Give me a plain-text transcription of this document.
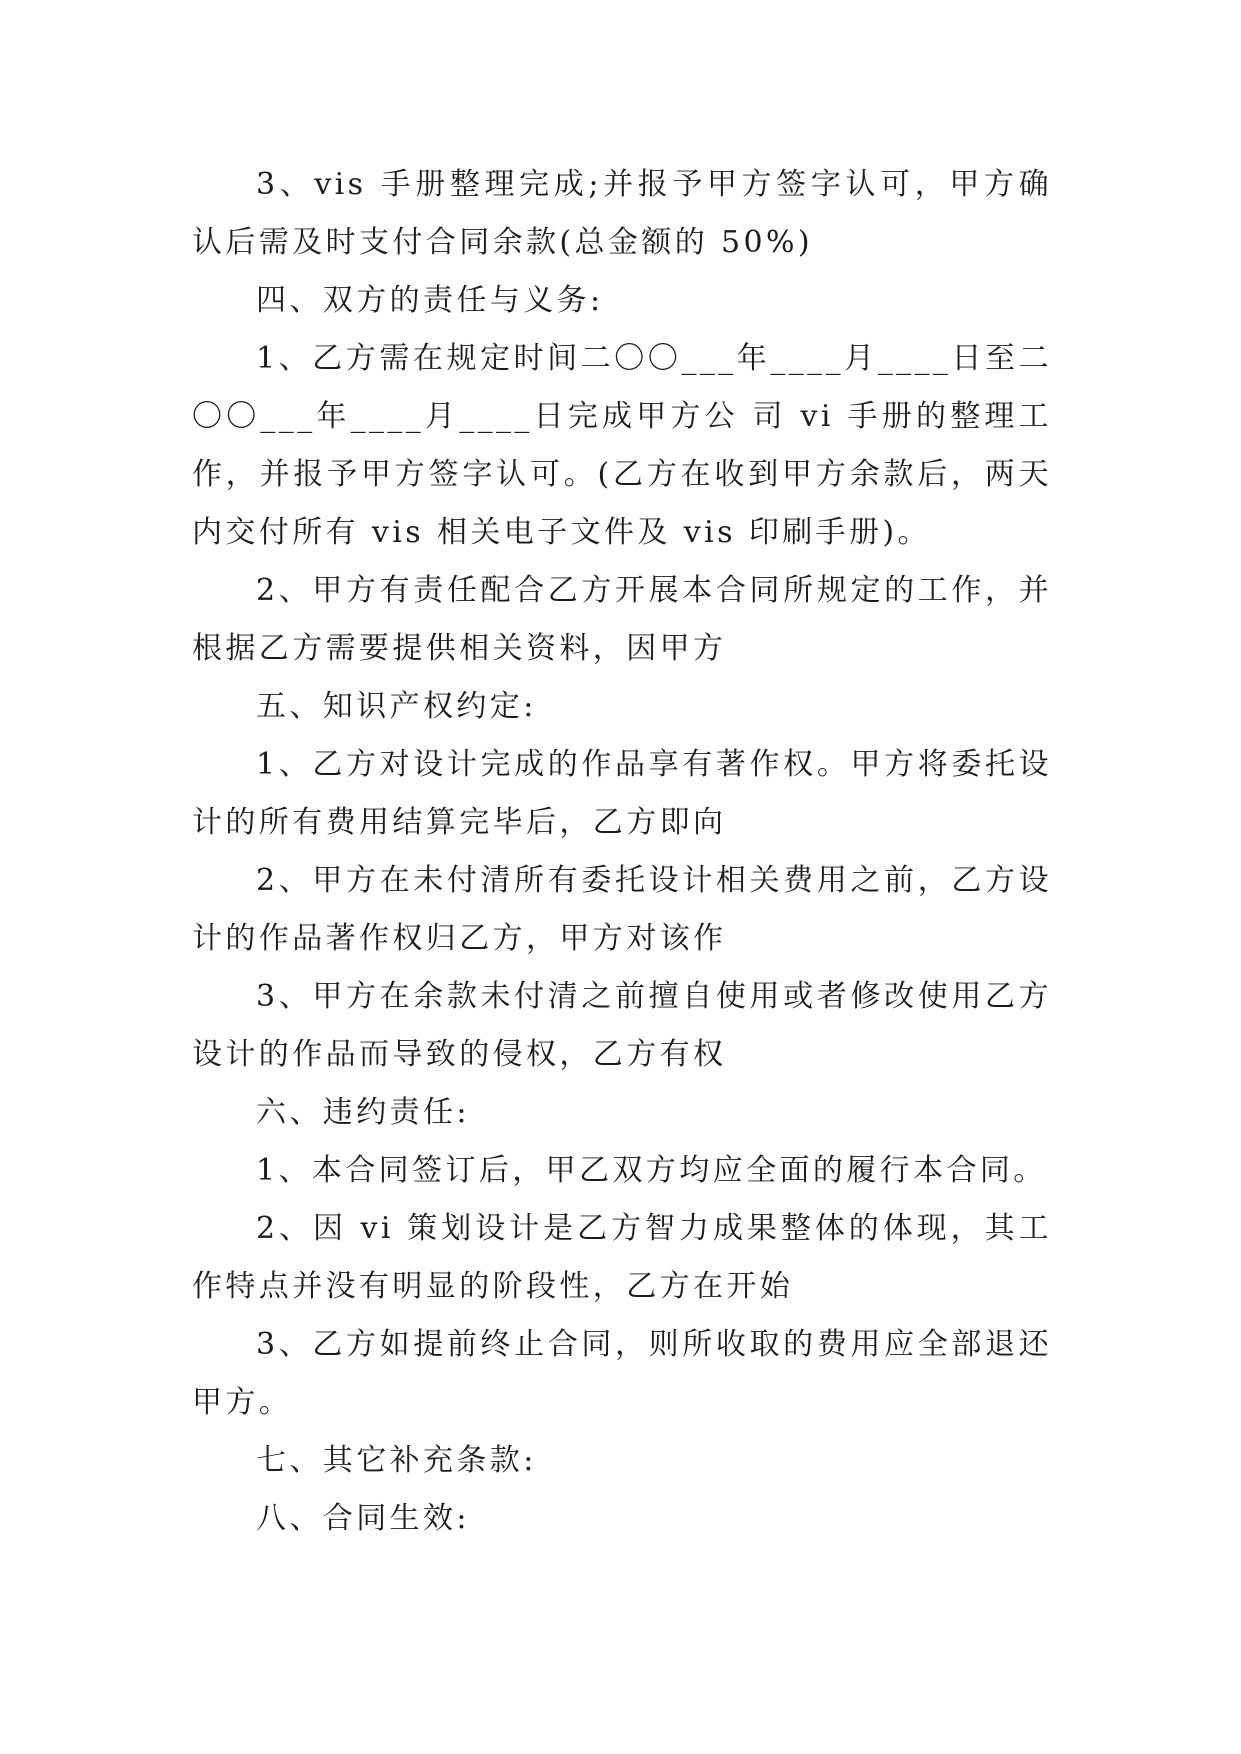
3、vis 手册整理完成;并报予甲方签字认可，甲方确认后需及时支付合同余款(总金额的 50%)

四、双方的责任与义务:

1、乙方需在规定时间二〇〇___年____月____日至二〇〇___年____月____日完成甲方公 司 vi 手册的整理工作，并报予甲方签字认可。(乙方在收到甲方余款后，两天内交付所有 vis 相关电子文件及 vis 印刷手册)。

2、甲方有责任配合乙方开展本合同所规定的工作，并根据乙方需要提供相关资料，因甲方

五、知识产权约定:

1、乙方对设计完成的作品享有著作权。甲方将委托设计的所有费用结算完毕后，乙方即向

2、甲方在未付清所有委托设计相关费用之前，乙方设计的作品著作权归乙方，甲方对该作

3、甲方在余款未付清之前擅自使用或者修改使用乙方设计的作品而导致的侵权，乙方有权

六、违约责任:

1、本合同签订后，甲乙双方均应全面的履行本合同。

2、因 vi 策划设计是乙方智力成果整体的体现，其工作特点并没有明显的阶段性，乙方在开始

3、乙方如提前终止合同，则所收取的费用应全部退还甲方。

七、其它补充条款:

八、合同生效:
